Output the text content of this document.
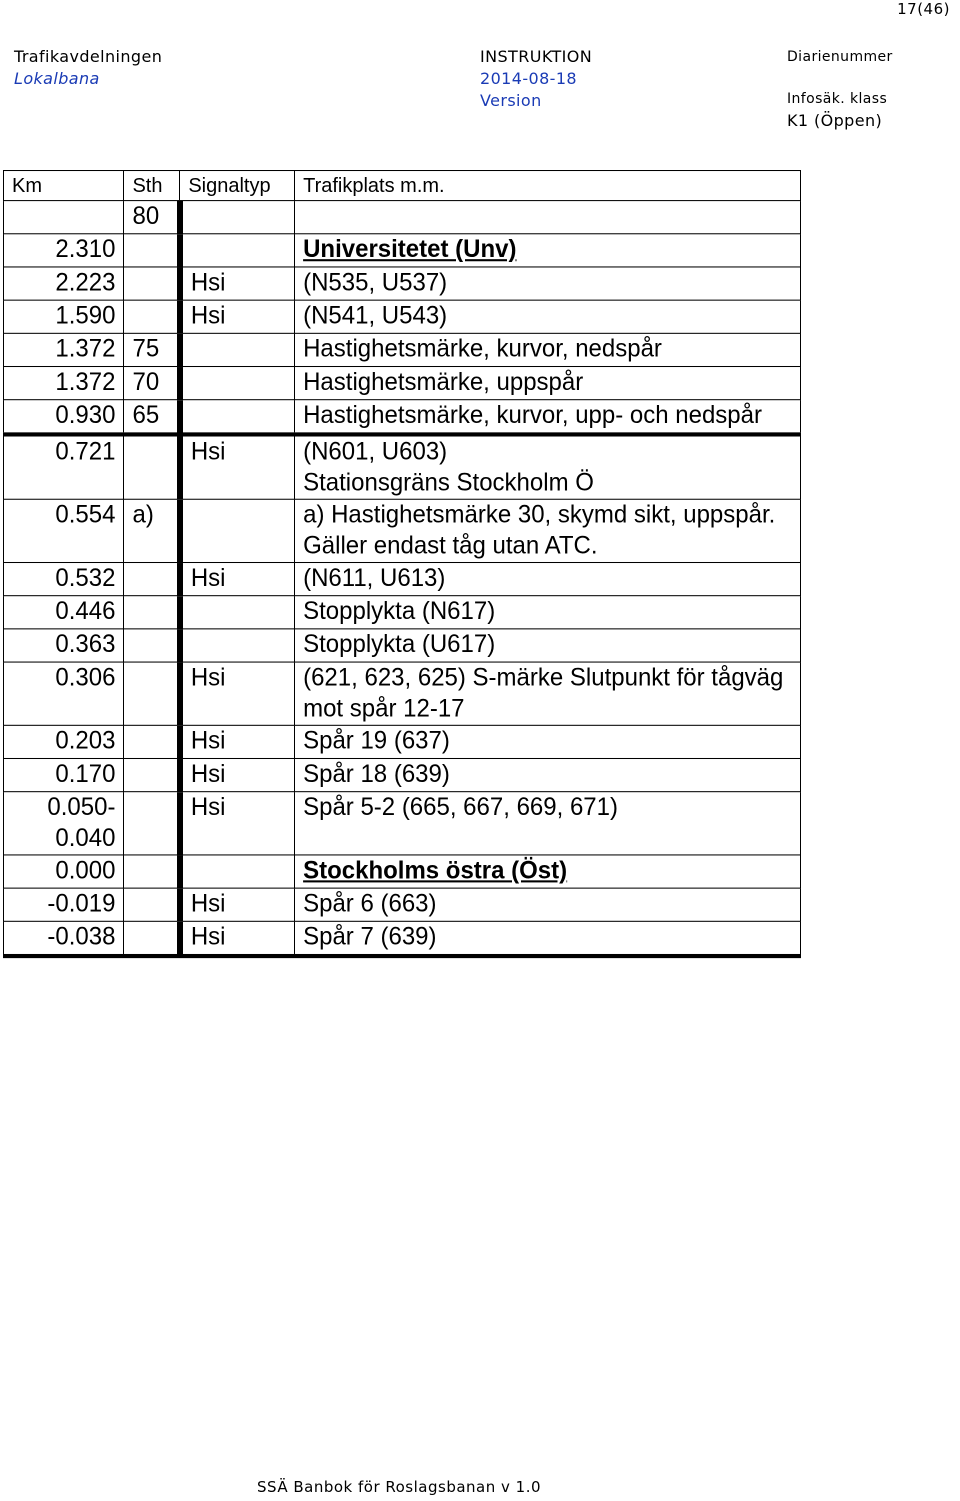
17(46)
Trafikavdelningen
Lokalbana
INSTRUKTION
2014-08-18
Version
Diarienummer
Infosäk. klass
K1 (Öppen)
Km	Sth	Signaltyp	Trafikplats m.m.
	80		

2.310			Universitetet (Unv)

2.223		Hsi	(N535, U537)

1.590		Hsi	(N541, U543)

1.372	75		Hastighetsmärke, kurvor, nedspår

1.372	70		Hastighetsmärke, uppspår

0.930	65		Hastighetsmärke, kurvor, upp- och nedspår

0.721		Hsi	(N601, U603)
Stationsgräns Stockholm Ö

0.554	a)		a) Hastighetsmärke 30, skymd sikt, uppspår.
Gäller endast tåg utan ATC.

0.532		Hsi	(N611, U613)

0.446			Stopplykta (N617)

0.363			Stopplykta (U617)

0.306		Hsi	(621, 623, 625) S-märke Slutpunkt för tågväg
mot spår 12-17

0.203		Hsi	Spår 19 (637)

0.170		Hsi	Spår 18 (639)

0.050-
0.040		Hsi	Spår 5-2 (665, 667, 669, 671)

0.000			Stockholms östra (Öst)

-0.019		Hsi	Spår 6 (663)

-0.038		Hsi	Spår 7 (639)
SSÄ Banbok för Roslagsbanan v 1.0
